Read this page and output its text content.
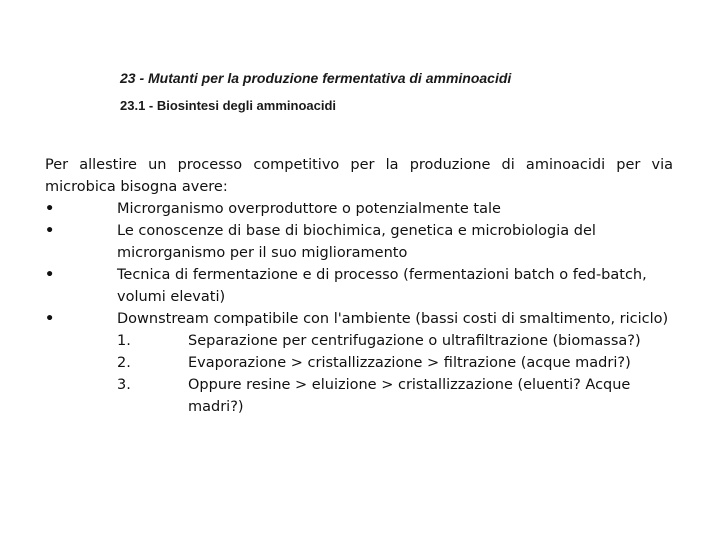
23 - Mutanti per la produzione fermentativa di amminoacidi
23.1 - Biosintesi degli amminoacidi

Per allestire un processo competitivo per la produzione di aminoacidi per via microbica bisogna avere:

•	Microrganismo overproduttore o potenzialmente tale
•	Le conoscenze di base di biochimica, genetica e microbiologia del microrganismo per il suo miglioramento
•	Tecnica di fermentazione e di processo (fermentazioni batch o fed-batch, volumi elevati)
•	Downstream compatibile con l'ambiente (bassi costi di smaltimento, riciclo)
1.	Separazione per centrifugazione o ultrafiltrazione (biomassa?)
2.	Evaporazione > cristallizzazione > filtrazione (acque madri?)
3.	Oppure resine > eluizione > cristallizzazione (eluenti? Acque madri?)
